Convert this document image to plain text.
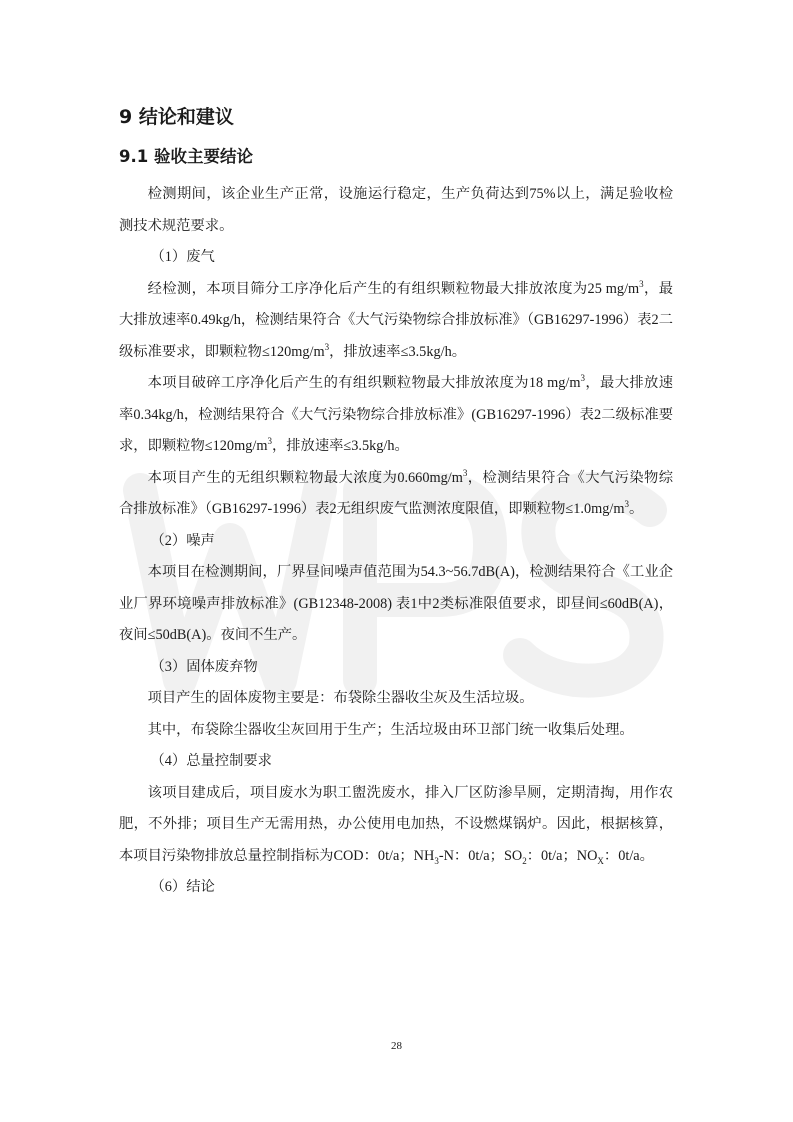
9 结论和建议
9.1 验收主要结论

检测期间，该企业生产正常，设施运行稳定，生产负荷达到75%以上，满足验收检测技术规范要求。

（1）废气

经检测，本项目筛分工序净化后产生的有组织颗粒物最大排放浓度为25 $mg/m^3$，最大排放速率0.49kg/h，检测结果符合《大气污染物综合排放标准》（GB16297-1996）表2二级标准要求，即颗粒物$\le 120mg/m^3$，排放速率≤3.5kg/h。

本项目破碎工序净化后产生的有组织颗粒物最大排放浓度为18 $mg/m^3$，最大排放速率0.34kg/h，检测结果符合《大气污染物综合排放标准》(GB16297-1996）表2二级标准要求，即颗粒物$\le 120mg/m^3$，排放速率≤3.5kg/h。

本项目产生的无组织颗粒物最大浓度为$0.660mg/m^3$，检测结果符合《大气污染物综合排放标准》（GB16297-1996）表2无组织废气监测浓度限值，即颗粒物$\le 1.0mg/m^3$。

（2）噪声

本项目在检测期间，厂界昼间噪声值范围为54.3~56.7dB(A)，检测结果符合《工业企业厂界环境噪声排放标准》(GB12348-2008) 表1中2类标准限值要求，即昼间≤60dB(A)，夜间≤50dB(A)。夜间不生产。

（3）固体废弃物

项目产生的固体废物主要是：布袋除尘器收尘灰及生活垃圾。

其中，布袋除尘器收尘灰回用于生产；生活垃圾由环卫部门统一收集后处理。

（4）总量控制要求

该项目建成后，项目废水为职工盥洗废水，排入厂区防渗旱厕，定期清掏，用作农肥，不外排；项目生产无需用热，办公使用电加热，不设燃煤锅炉。因此，根据核算，本项目污染物排放总量控制指标为COD：0t/a；$NH_3-N$：0t/a；$SO_2$：0t/a；$NO_X$：0t/a。

（6）结论

28
